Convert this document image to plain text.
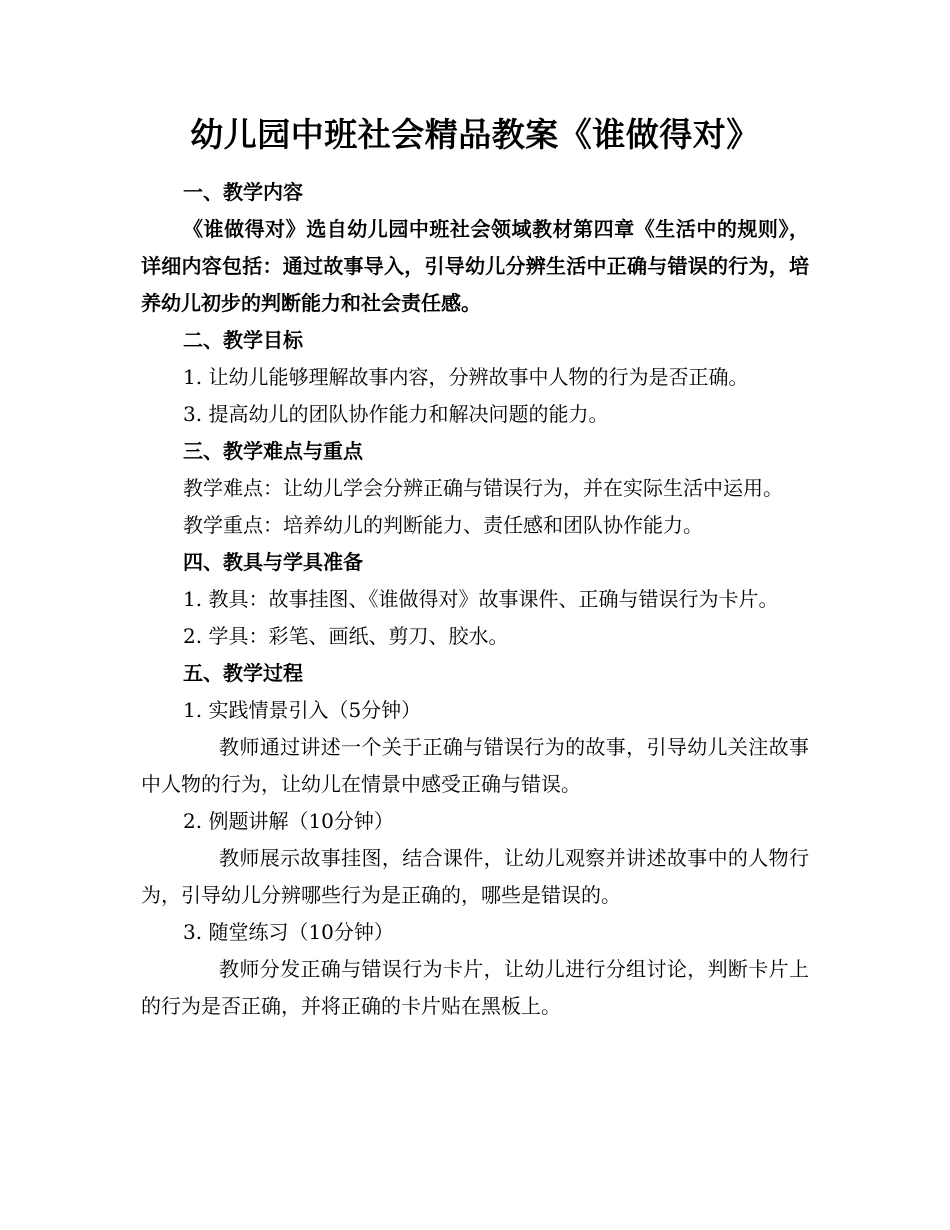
幼儿园中班社会精品教案《谁做得对》

一、教学内容

《谁做得对》选自幼儿园中班社会领域教材第四章《生活中的规则》，详细内容包括：通过故事导入，引导幼儿分辨生活中正确与错误的行为，培养幼儿初步的判断能力和社会责任感。

二、教学目标

1. 让幼儿能够理解故事内容，分辨故事中人物的行为是否正确。

3. 提高幼儿的团队协作能力和解决问题的能力。

三、教学难点与重点

教学难点：让幼儿学会分辨正确与错误行为，并在实际生活中运用。

教学重点：培养幼儿的判断能力、责任感和团队协作能力。

四、教具与学具准备

1. 教具：故事挂图、《谁做得对》故事课件、正确与错误行为卡片。

2. 学具：彩笔、画纸、剪刀、胶水。

五、教学过程

1. 实践情景引入（5分钟）

教师通过讲述一个关于正确与错误行为的故事，引导幼儿关注故事中人物的行为，让幼儿在情景中感受正确与错误。

2. 例题讲解（10分钟）

教师展示故事挂图，结合课件，让幼儿观察并讲述故事中的人物行为，引导幼儿分辨哪些行为是正确的，哪些是错误的。

3. 随堂练习（10分钟）

教师分发正确与错误行为卡片，让幼儿进行分组讨论，判断卡片上的行为是否正确，并将正确的卡片贴在黑板上。
